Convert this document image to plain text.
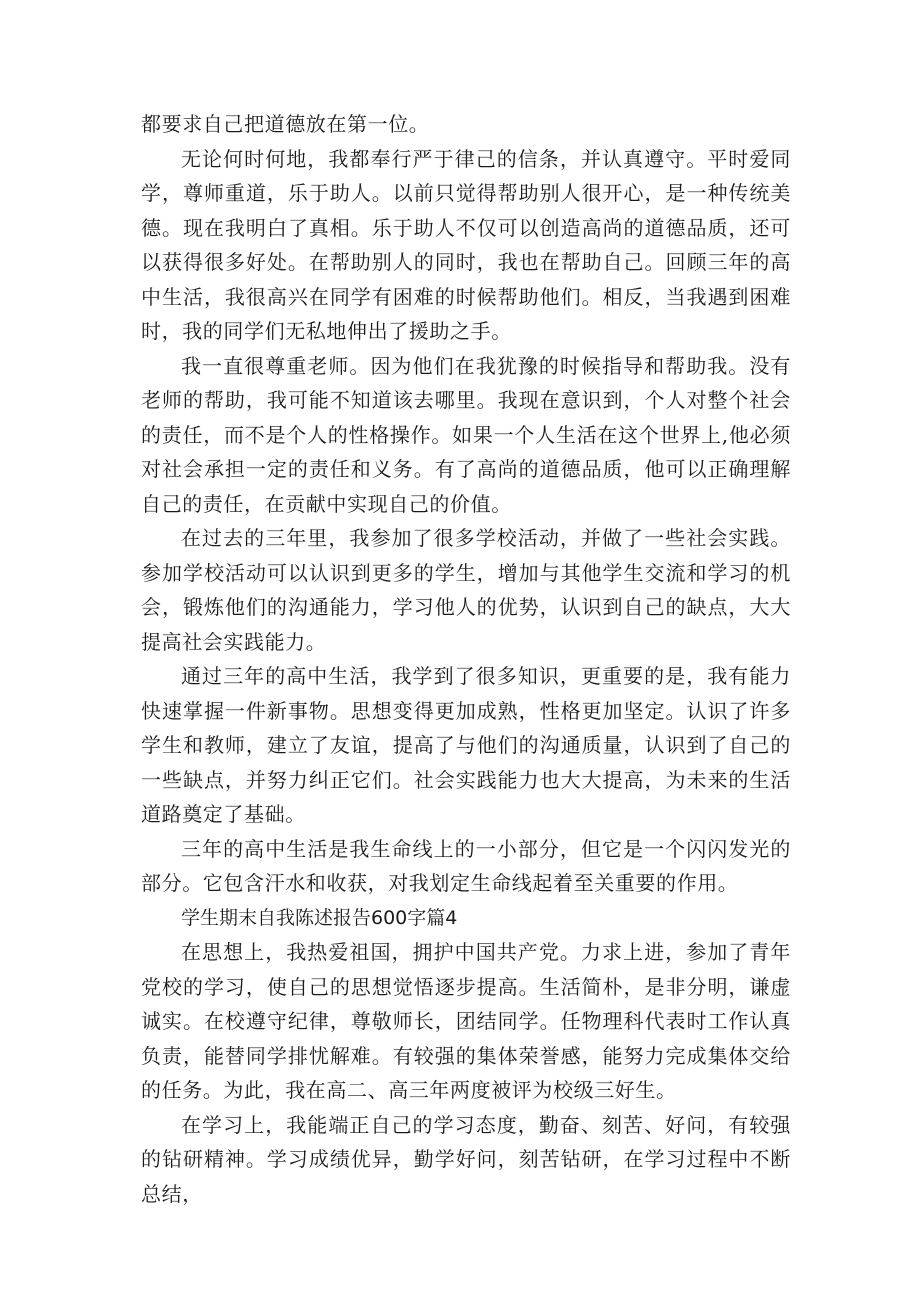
都要求自己把道德放在第一位。

无论何时何地，我都奉行严于律己的信条，并认真遵守。平时爱同学，尊师重道，乐于助人。以前只觉得帮助别人很开心，是一种传统美德。现在我明白了真相。乐于助人不仅可以创造高尚的道德品质，还可以获得很多好处。在帮助别人的同时，我也在帮助自己。回顾三年的高中生活，我很高兴在同学有困难的时候帮助他们。相反，当我遇到困难时，我的同学们无私地伸出了援助之手。

我一直很尊重老师。因为他们在我犹豫的时候指导和帮助我。没有老师的帮助，我可能不知道该去哪里。我现在意识到，个人对整个社会的责任，而不是个人的性格操作。如果一个人生活在这个世界上,他必须对社会承担一定的责任和义务。有了高尚的道德品质，他可以正确理解自己的责任，在贡献中实现自己的价值。

在过去的三年里，我参加了很多学校活动，并做了一些社会实践。参加学校活动可以认识到更多的学生，增加与其他学生交流和学习的机会，锻炼他们的沟通能力，学习他人的优势，认识到自己的缺点，大大提高社会实践能力。

通过三年的高中生活，我学到了很多知识，更重要的是，我有能力快速掌握一件新事物。思想变得更加成熟，性格更加坚定。认识了许多学生和教师，建立了友谊，提高了与他们的沟通质量，认识到了自己的一些缺点，并努力纠正它们。社会实践能力也大大提高，为未来的生活道路奠定了基础。

三年的高中生活是我生命线上的一小部分，但它是一个闪闪发光的部分。它包含汗水和收获，对我划定生命线起着至关重要的作用。

学生期末自我陈述报告600字篇4

在思想上，我热爱祖国，拥护中国共产党。力求上进，参加了青年党校的学习，使自己的思想觉悟逐步提高。生活简朴，是非分明，谦虚诚实。在校遵守纪律，尊敬师长，团结同学。任物理科代表时工作认真负责，能替同学排忧解难。有较强的集体荣誉感，能努力完成集体交给的任务。为此，我在高二、高三年两度被评为校级三好生。

在学习上，我能端正自己的学习态度，勤奋、刻苦、好问，有较强的钻研精神。学习成绩优异，勤学好问，刻苦钻研，在学习过程中不断总结，
